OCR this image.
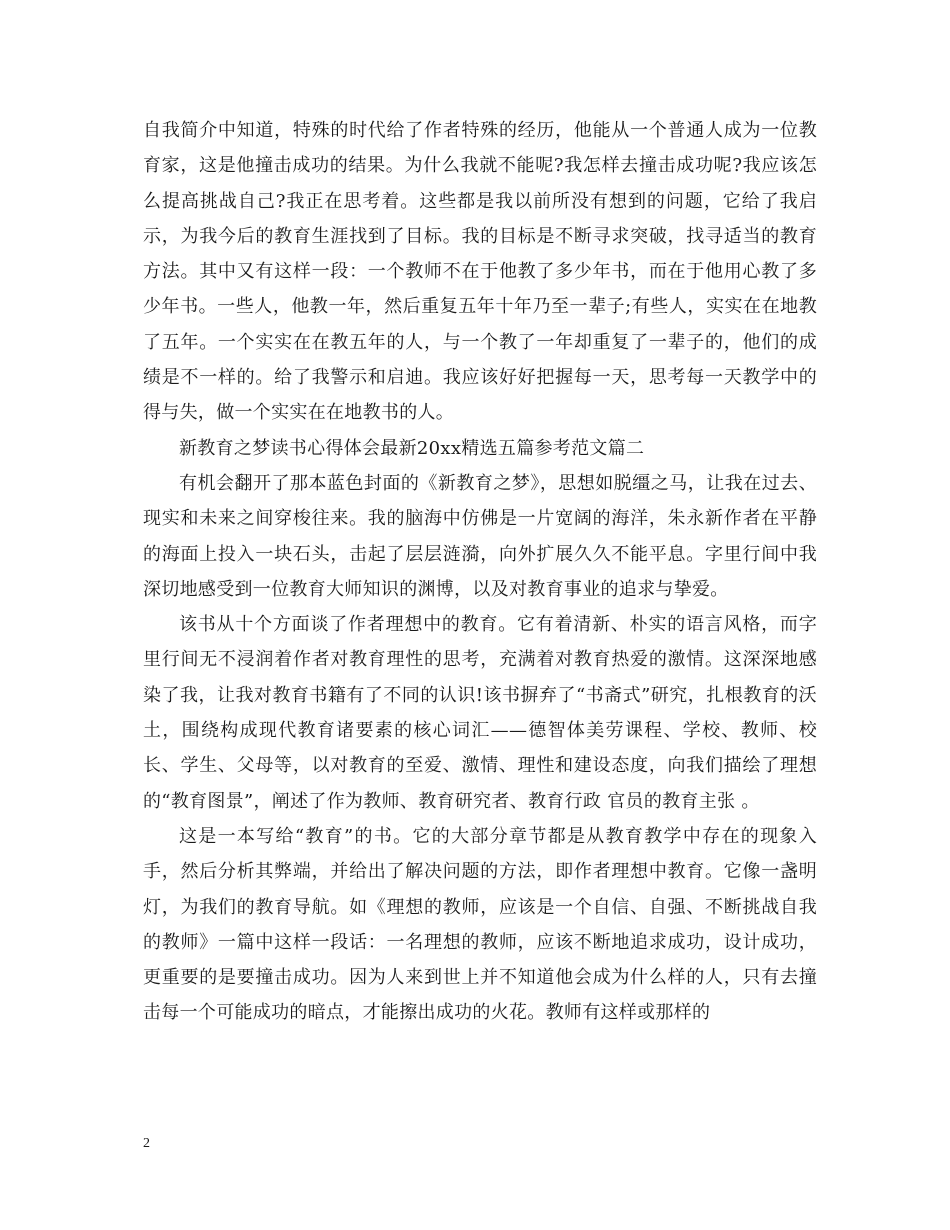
自我简介中知道，特殊的时代给了作者特殊的经历，他能从一个普通人成为一位教育家，这是他撞击成功的结果。为什么我就不能呢?我怎样去撞击成功呢?我应该怎么提高挑战自己?我正在思考着。这些都是我以前所没有想到的问题，它给了我启示，为我今后的教育生涯找到了目标。我的目标是不断寻求突破，找寻适当的教育方法。其中又有这样一段：一个教师不在于他教了多少年书，而在于他用心教了多少年书。一些人，他教一年，然后重复五年十年乃至一辈子;有些人，实实在在地教了五年。一个实实在在教五年的人，与一个教了一年却重复了一辈子的，他们的成绩是不一样的。给了我警示和启迪。我应该好好把握每一天，思考每一天教学中的得与失，做一个实实在在地教书的人。

新教育之梦读书心得体会最新20xx精选五篇参考范文篇二

有机会翻开了那本蓝色封面的《新教育之梦》，思想如脱缰之马，让我在过去、现实和未来之间穿梭往来。我的脑海中仿佛是一片宽阔的海洋，朱永新作者在平静的海面上投入一块石头，击起了层层涟漪，向外扩展久久不能平息。字里行间中我深切地感受到一位教育大师知识的渊博，以及对教育事业的追求与挚爱。

该书从十个方面谈了作者理想中的教育。它有着清新、朴实的语言风格，而字里行间无不浸润着作者对教育理性的思考，充满着对教育热爱的激情。这深深地感染了我，让我对教育书籍有了不同的认识!该书摒弃了“书斋式”研究，扎根教育的沃土，围绕构成现代教育诸要素的核心词汇——德智体美劳课程、学校、教师、校长、学生、父母等，以对教育的至爱、激情、理性和建设态度，向我们描绘了理想的“教育图景”，阐述了作为教师、教育研究者、教育行政 官员的教育主张 。

这是一本写给“教育”的书。它的大部分章节都是从教育教学中存在的现象入手，然后分析其弊端，并给出了解决问题的方法，即作者理想中教育。它像一盏明灯，为我们的教育导航。如《理想的教师，应该是一个自信、自强、不断挑战自我的教师》一篇中这样一段话：一名理想的教师，应该不断地追求成功，设计成功，更重要的是要撞击成功。因为人来到世上并不知道他会成为什么样的人，只有去撞击每一个可能成功的暗点，才能擦出成功的火花。教师有这样或那样的

2
